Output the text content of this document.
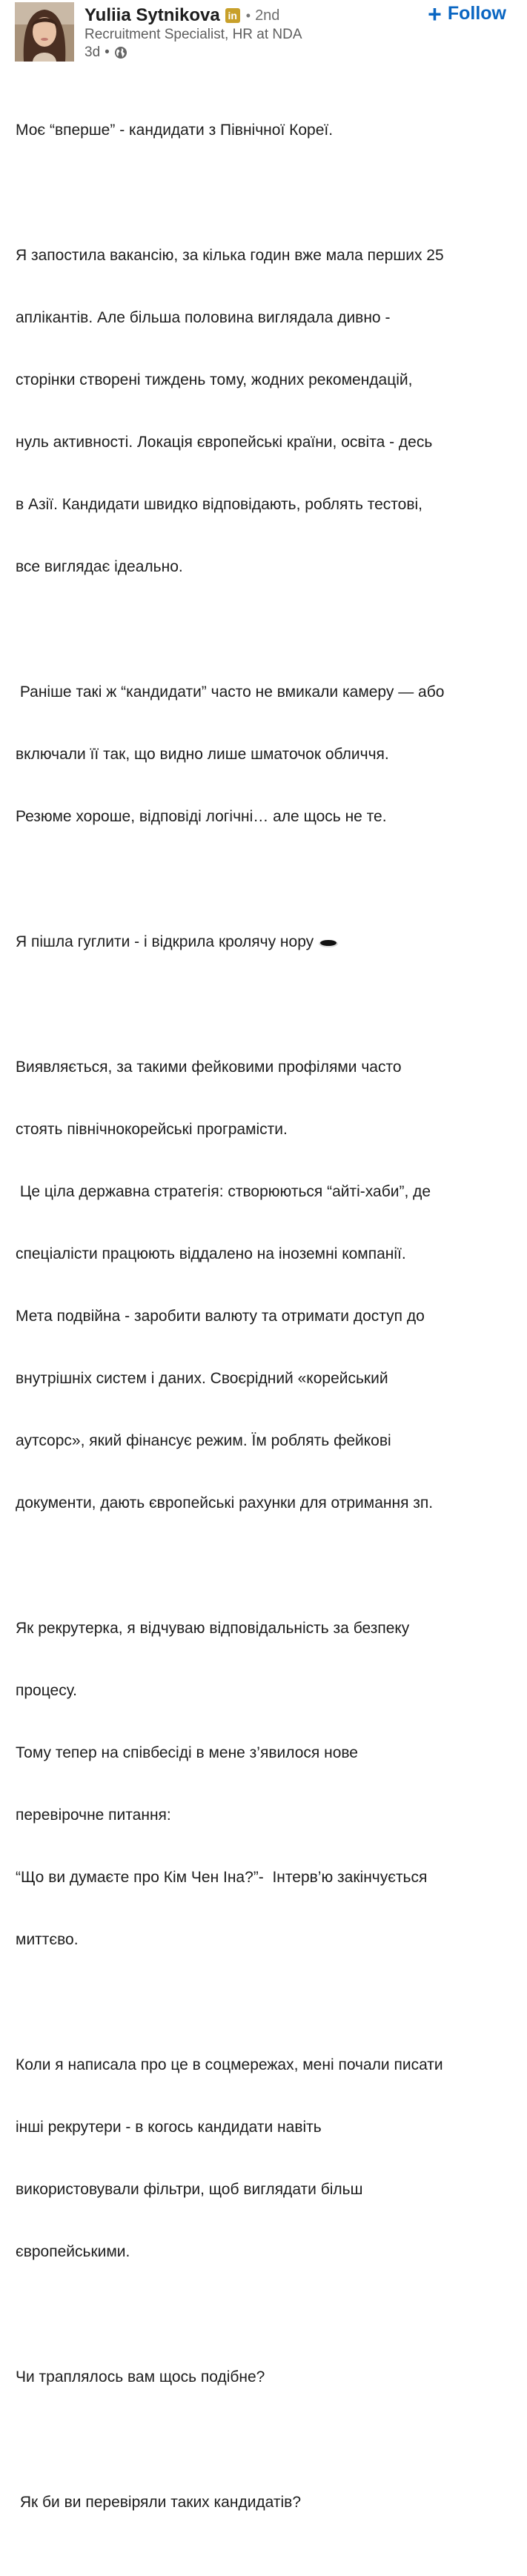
Yuliia Sytnikova in • 2nd
Recruitment Specialist, HR at NDA
3d •
+ Follow

Моє “вперше” - кандидати з Північної Кореї.

Я запостила вакансію, за кілька годин вже мала перших 25

аплікантів. Але більша половина виглядала дивно -

сторінки створені тиждень тому, жодних рекомендацій,

нуль активності. Локація європейські країни, освіта - десь

в Азії. Кандидати швидко відповідають, роблять тестові,

все виглядає ідеально.

Раніше такі ж “кандидати” часто не вмикали камеру — або

включали її так, що видно лише шматочок обличчя.

Резюме хороше, відповіді логічні… але щось не те.

Я пішла гуглити - і відкрила кролячу нору

Виявляється, за такими фейковими профілями часто

стоять північнокорейські програмісти.

Це ціла державна стратегія: створюються “айті-хаби”, де

спеціалісти працюють віддалено на іноземні компанії.

Мета подвійна - заробити валюту та отримати доступ до

внутрішніх систем і даних. Своєрідний «корейський

аутсорс», який фінансує режим. Їм роблять фейкові

документи, дають європейські рахунки для отримання зп.

Як рекрутерка, я відчуваю відповідальність за безпеку

процесу.

Тому тепер на співбесіді в мене з’явилося нове

перевірочне питання:

“Що ви думаєте про Кім Чен Іна?”-  Інтерв’ю закінчується

миттєво.

Коли я написала про це в соцмережах, мені почали писати

інші рекрутери - в когось кандидати навіть

використовували фільтри, щоб виглядати більш

європейськими.

Чи траплялось вам щось подібне?

Як би ви перевіряли таких кандидатів?
